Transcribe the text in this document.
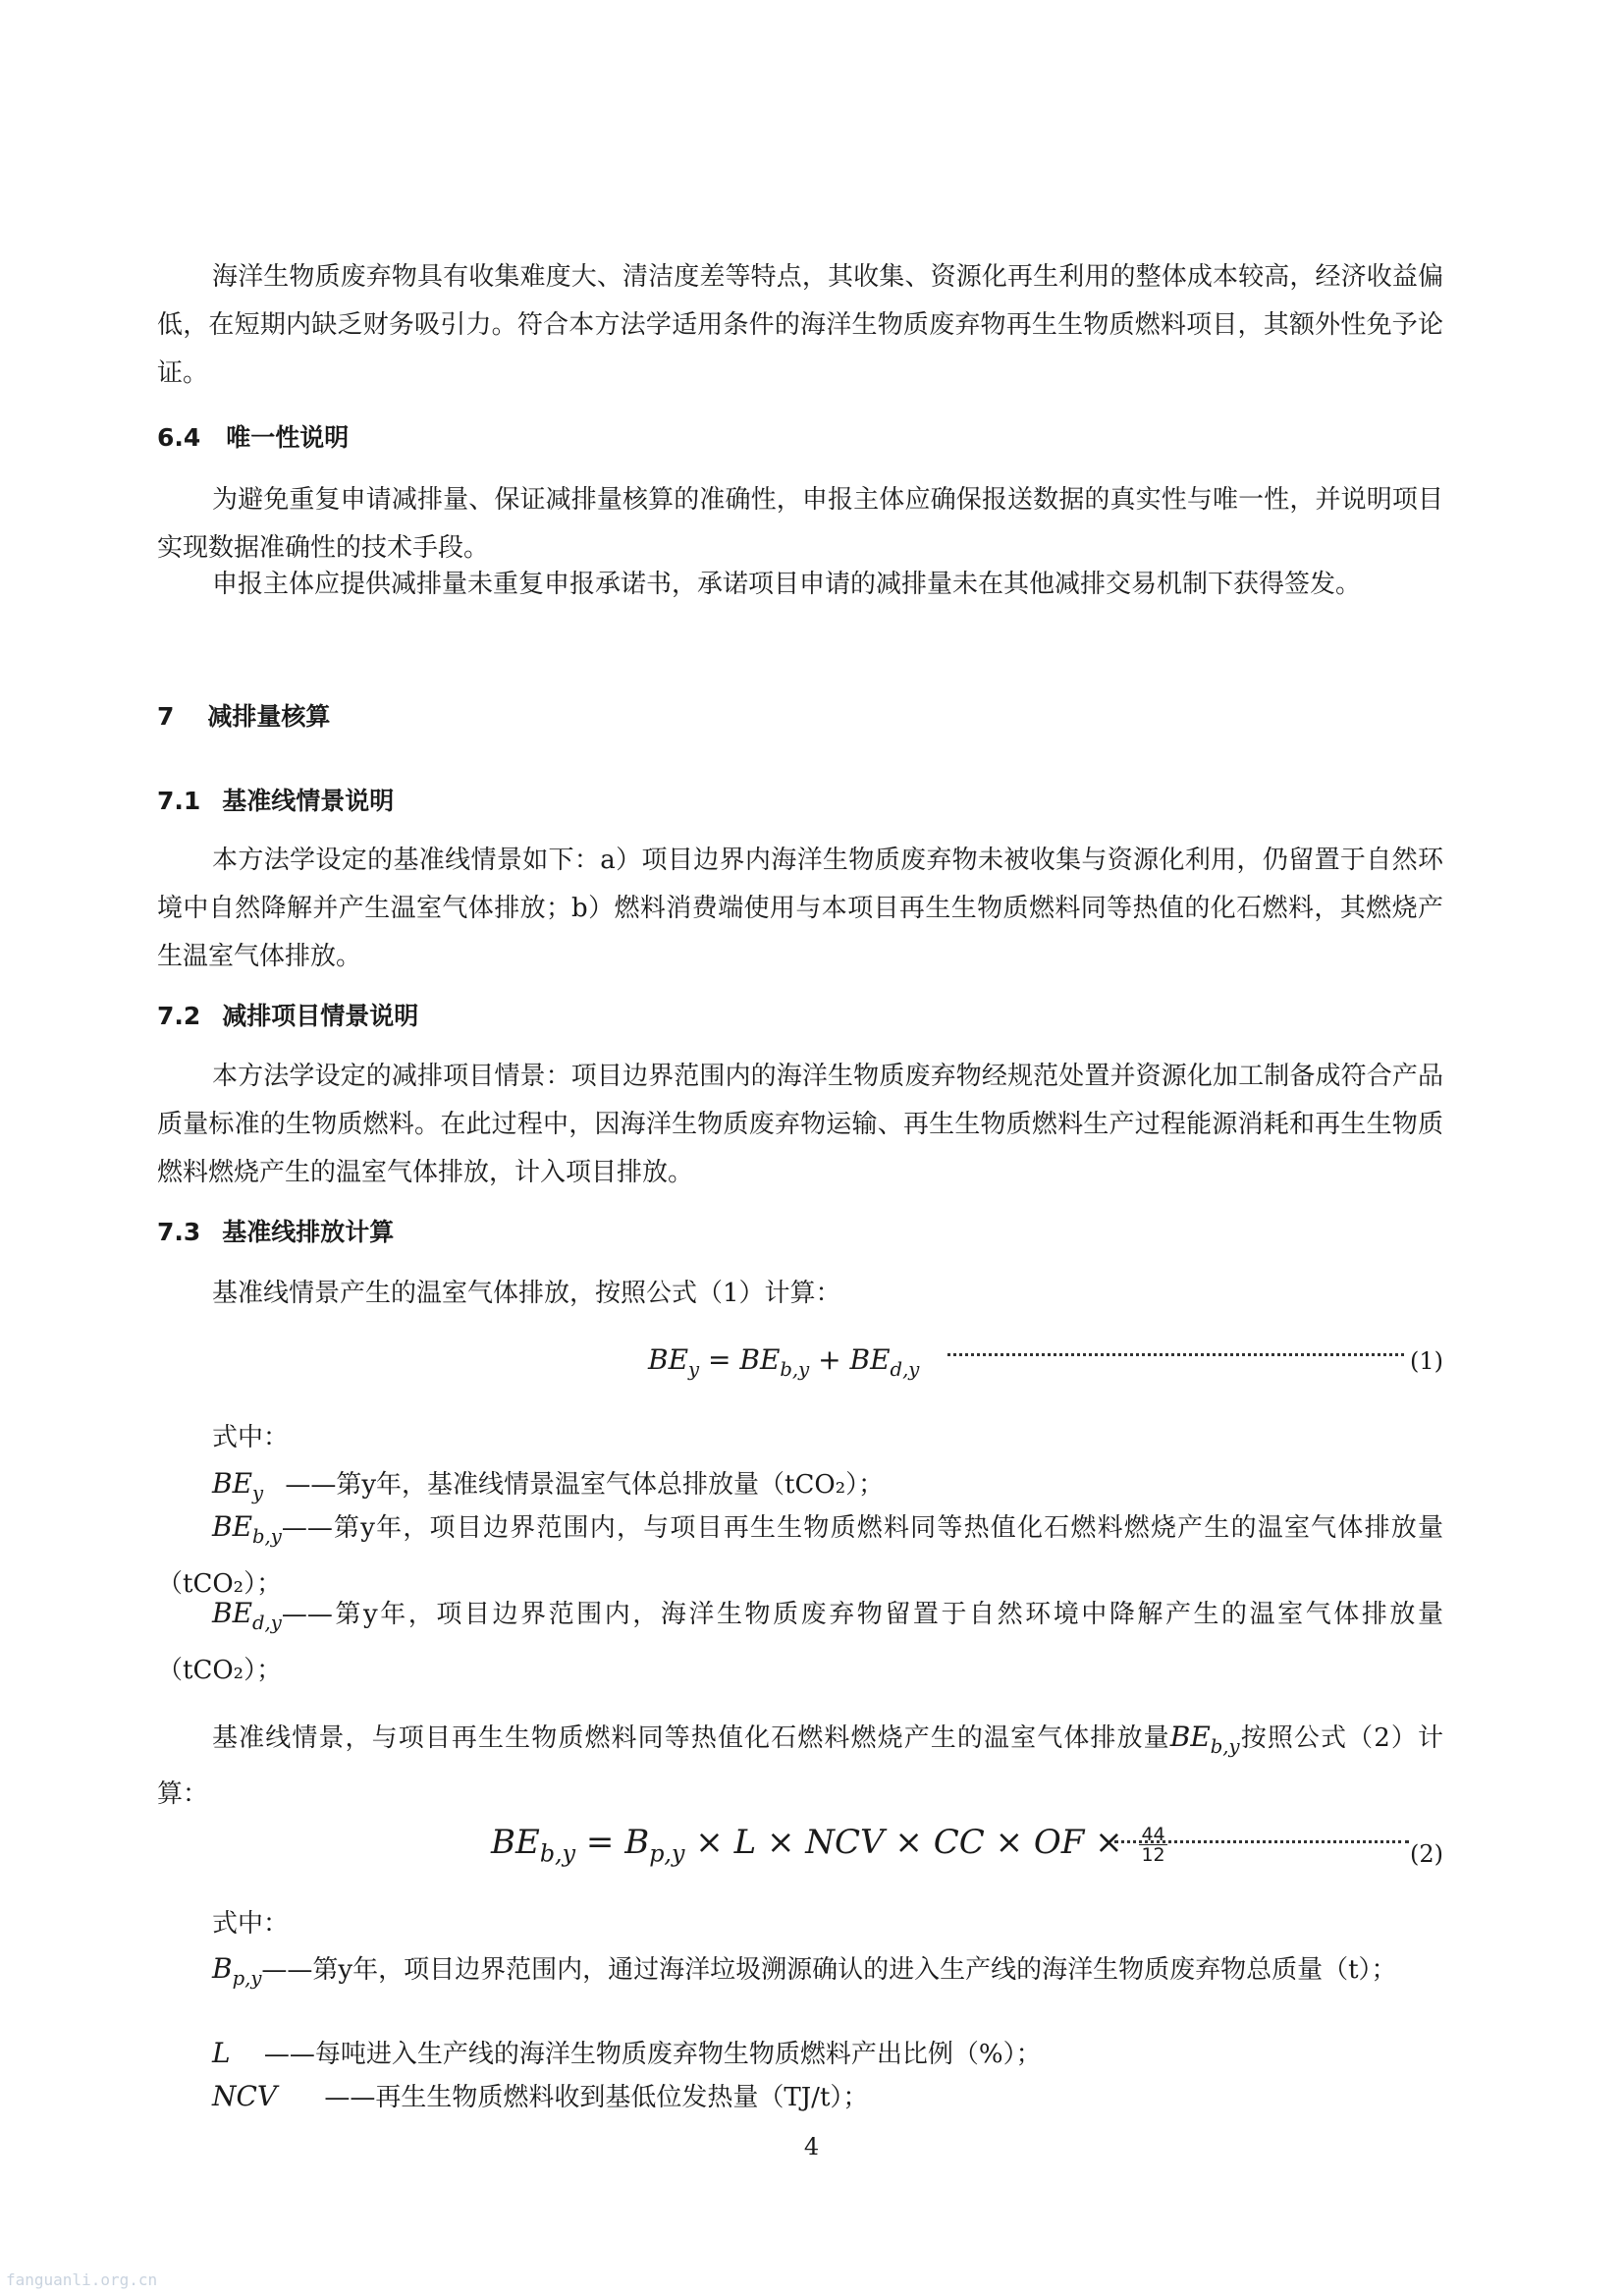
海洋生物质废弃物具有收集难度大、清洁度差等特点，其收集、资源化再生利用的整体成本较高，经济收益偏低，在短期内缺乏财务吸引力。符合本方法学适用条件的海洋生物质废弃物再生生物质燃料项目，其额外性免予论证。

6.4 唯一性说明

为避免重复申请减排量、保证减排量核算的准确性，申报主体应确保报送数据的真实性与唯一性，并说明项目实现数据准确性的技术手段。

申报主体应提供减排量未重复申报承诺书，承诺项目申请的减排量未在其他减排交易机制下获得签发。

7 减排量核算
7.1 基准线情景说明

本方法学设定的基准线情景如下：a）项目边界内海洋生物质废弃物未被收集与资源化利用，仍留置于自然环境中自然降解并产生温室气体排放；b）燃料消费端使用与本项目再生生物质燃料同等热值的化石燃料，其燃烧产生温室气体排放。

7.2 减排项目情景说明

本方法学设定的减排项目情景：项目边界范围内的海洋生物质废弃物经规范处置并资源化加工制备成符合产品质量标准的生物质燃料。在此过程中，因海洋生物质废弃物运输、再生生物质燃料生产过程能源消耗和再生生物质燃料燃烧产生的温室气体排放，计入项目排放。

7.3 基准线排放计算

基准线情景产生的温室气体排放，按照公式（1）计算：

$BE_y = BE_{b,y} + BE_{d,y}$	(1)

式中：

$BE_y$ ——第y年，基准线情景温室气体总排放量（tCO₂）；

$BE_{b,y}——$第y年，项目边界范围内，与项目再生生物质燃料同等热值化石燃料燃烧产生的温室气体排放量（tCO₂）；

$BE_{d,y}——$第y年，项目边界范围内，海洋生物质废弃物留置于自然环境中降解产生的温室气体排放量（tCO₂）；

基准线情景，与项目再生生物质燃料同等热值化石燃料燃烧产生的温室气体排放量$BE_{b,y}$按照公式（2）计算：

$BE_{b,y} = B_{p,y} \times L$ × NCV × CC × OF × $\frac{44}{12}$	(2)

式中：

$B_{p,y}——$第y年，项目边界范围内，通过海洋垃圾溯源确认的进入生产线的海洋生物质废弃物总质量（t）；

L ——每吨进入生产线的海洋生物质废弃物生物质燃料产出比例（%）；

NCV ——再生生物质燃料收到基低位发热量（TJ/t）；

4
fanguanli.org.cn
